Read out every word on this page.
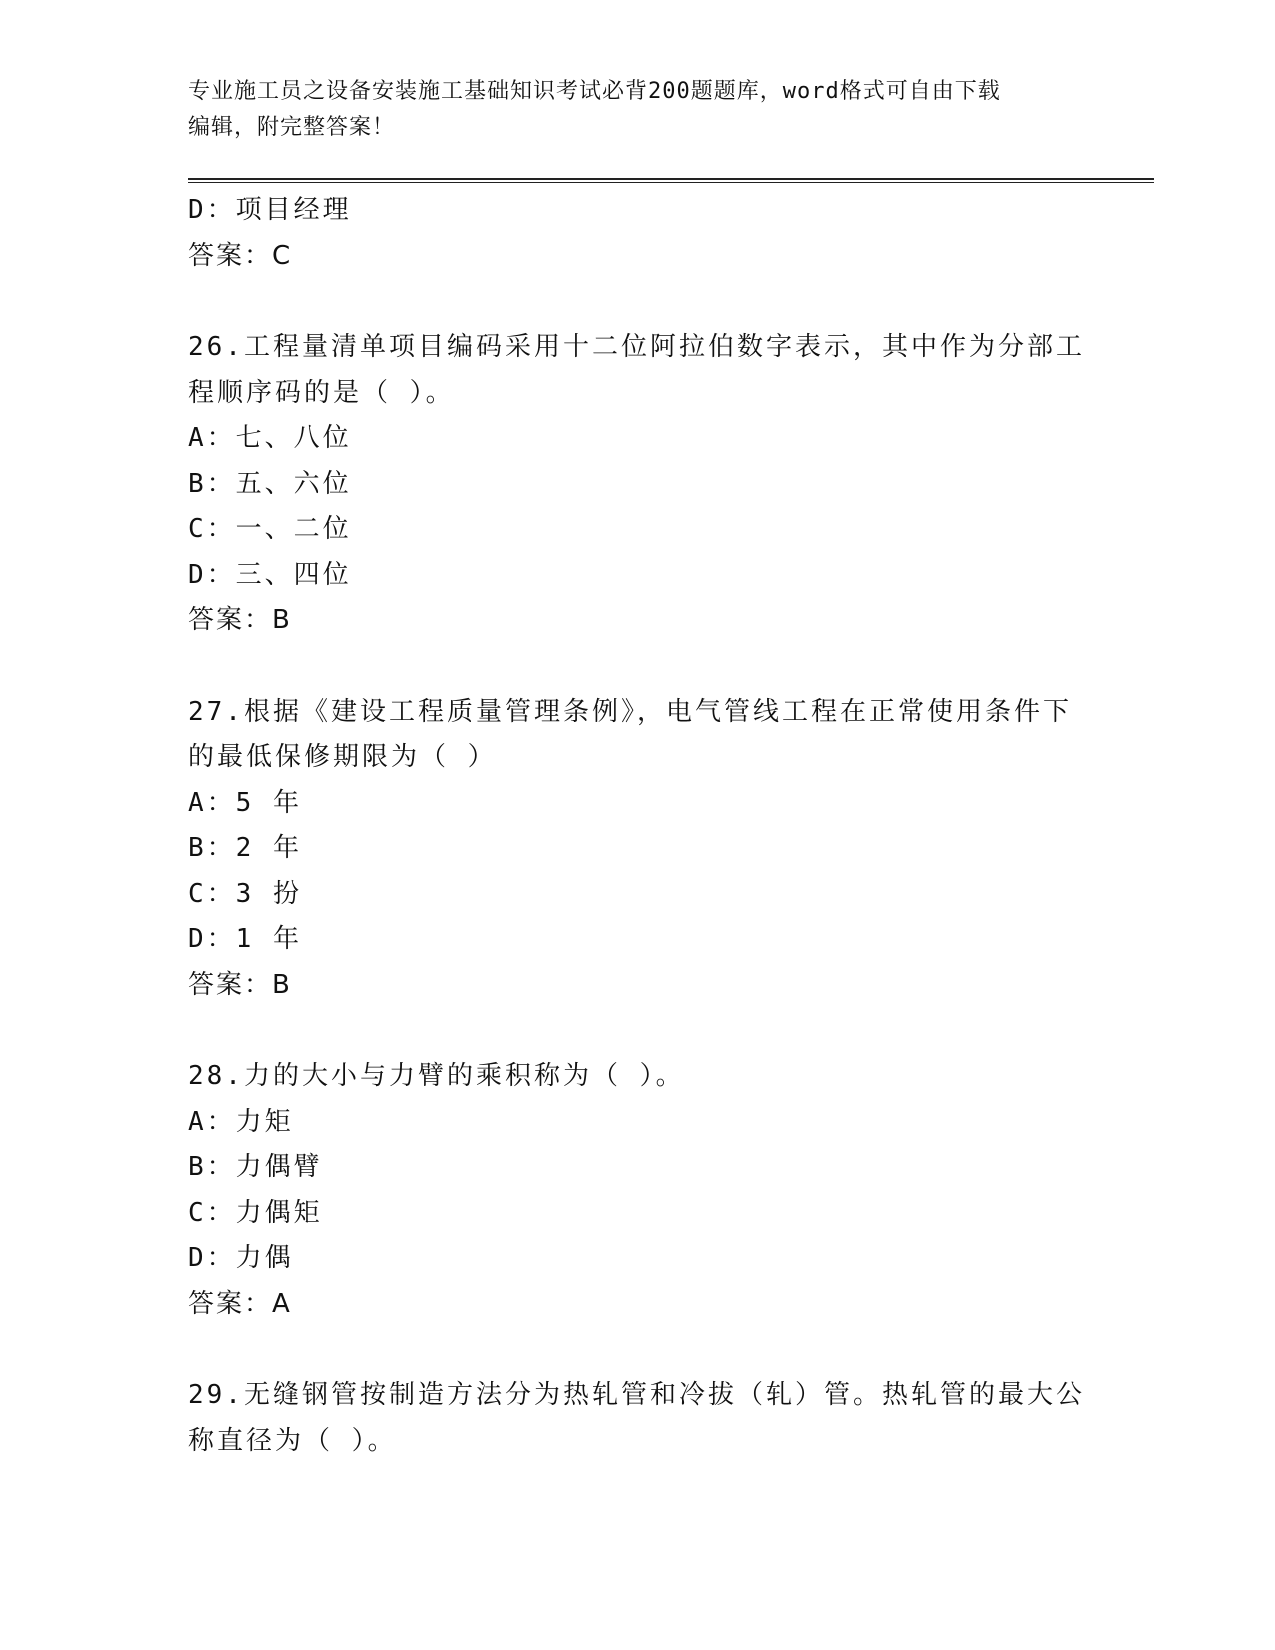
专业施工员之设备安装施工基础知识考试必背200题题库，word格式可自由下载
编辑，附完整答案！
D：项目经理
答案：C
26.工程量清单项目编码采用十二位阿拉伯数字表示，其中作为分部工
程顺序码的是（ ）。
A：七、八位
B：五、六位
C：一、二位
D：三、四位
答案：B
27.根据《建设工程质量管理条例》，电气管线工程在正常使用条件下
的最低保修期限为（ ）
A：5 年
B：2 年
C：3 扮
D：1 年
答案：B
28.力的大小与力臂的乘积称为（ ）。
A：力矩
B：力偶臂
C：力偶矩
D：力偶
答案：A
29.无缝钢管按制造方法分为热轧管和冷拔（轧）管。热轧管的最大公
称直径为（ ）。
